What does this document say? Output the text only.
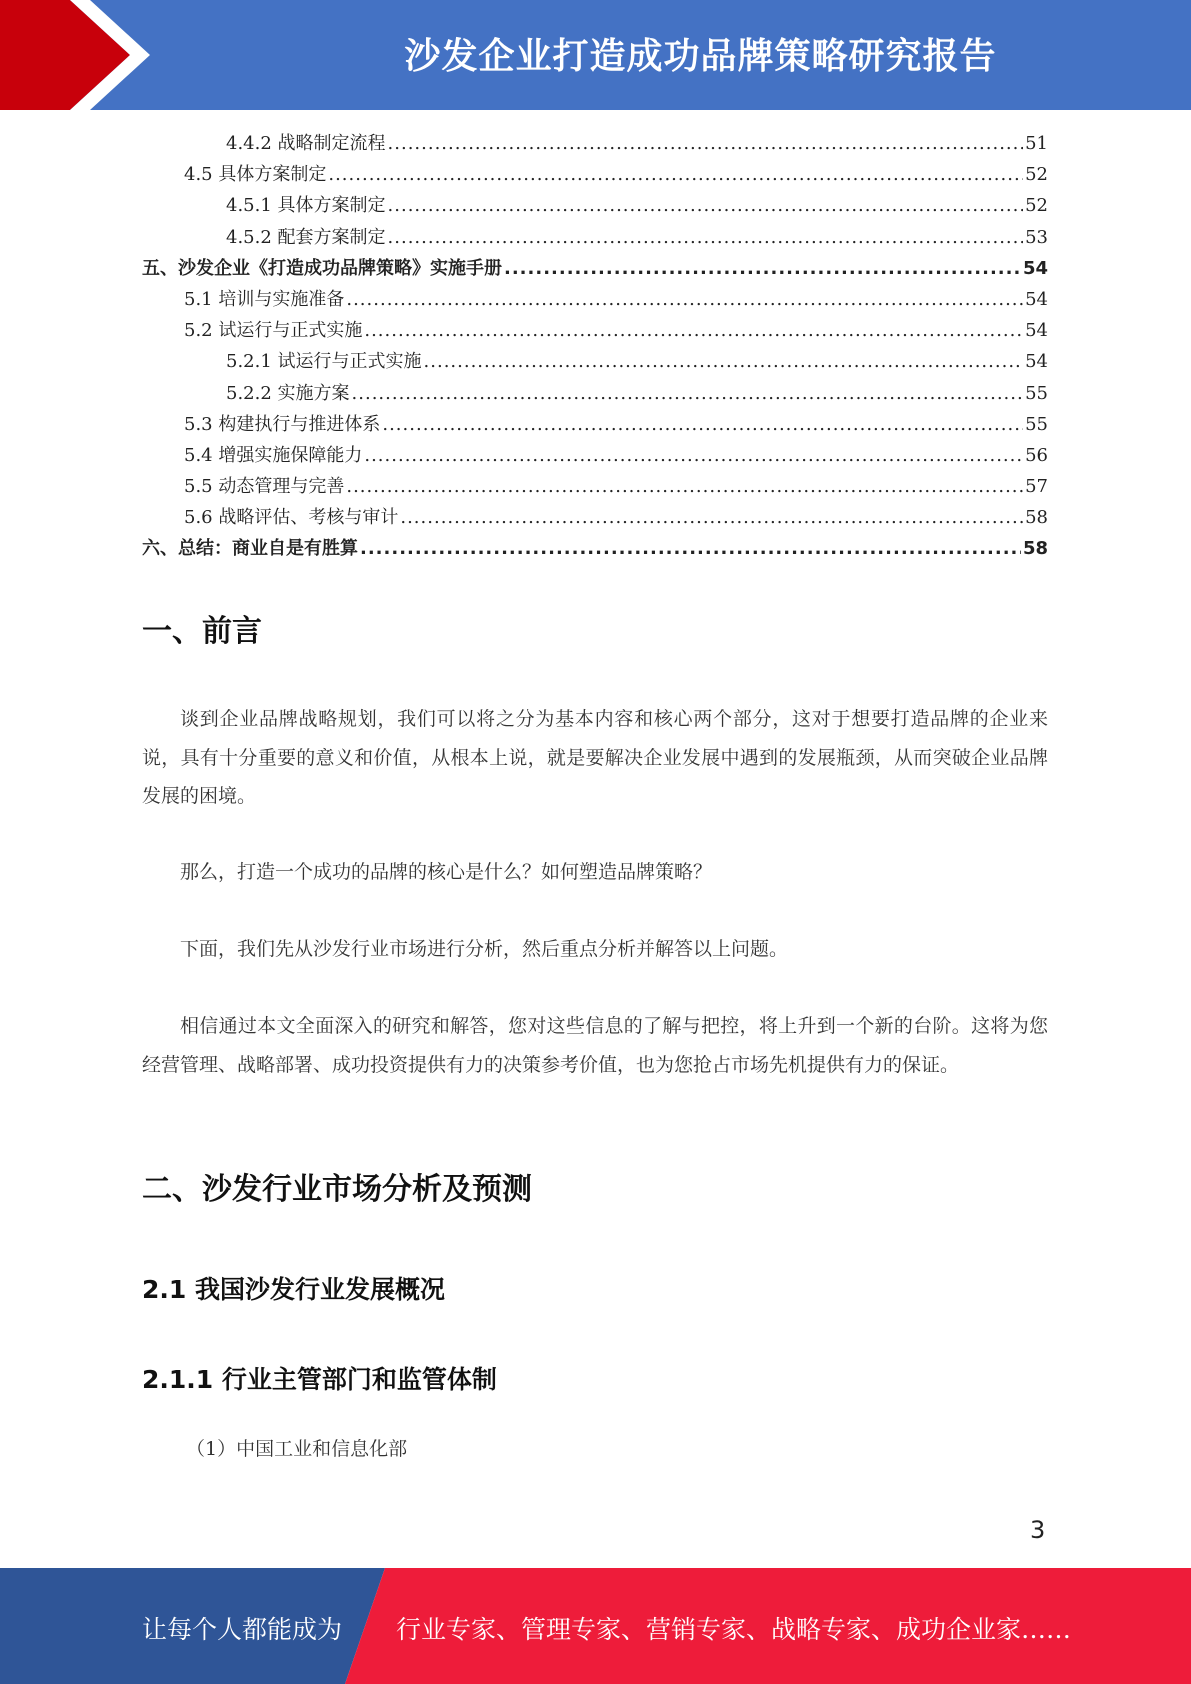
沙发企业打造成功品牌策略研究报告
4.4.2 战略制定流程 .....	51
4.5 具体方案制定 .....	52
4.5.1 具体方案制定 .....	52
4.5.2 配套方案制定 .....	53
五、沙发企业《打造成功品牌策略》实施手册 .....	54
5.1 培训与实施准备 .....	54
5.2 试运行与正式实施 .....	54
5.2.1 试运行与正式实施 .....	54
5.2.2 实施方案 .....	55
5.3 构建执行与推进体系 .....	55
5.4 增强实施保障能力 .....	56
5.5 动态管理与完善 .....	57
5.6 战略评估、考核与审计 .....	58
六、总结：商业自是有胜算 .....	58
一、前言

谈到企业品牌战略规划，我们可以将之分为基本内容和核心两个部分，这对于想要打造品牌的企业来说，具有十分重要的意义和价值，从根本上说，就是要解决企业发展中遇到的发展瓶颈，从而突破企业品牌发展的困境。

那么，打造一个成功的品牌的核心是什么？如何塑造品牌策略？

下面，我们先从沙发行业市场进行分析，然后重点分析并解答以上问题。

相信通过本文全面深入的研究和解答，您对这些信息的了解与把控，将上升到一个新的台阶。这将为您经营管理、战略部署、成功投资提供有力的决策参考价值，也为您抢占市场先机提供有力的保证。

二、沙发行业市场分析及预测
2.1 我国沙发行业发展概况
2.1.1 行业主管部门和监管体制

（1）中国工业和信息化部

3
让每个人都能成为 行业专家、管理专家、营销专家、战略专家、成功企业家……
